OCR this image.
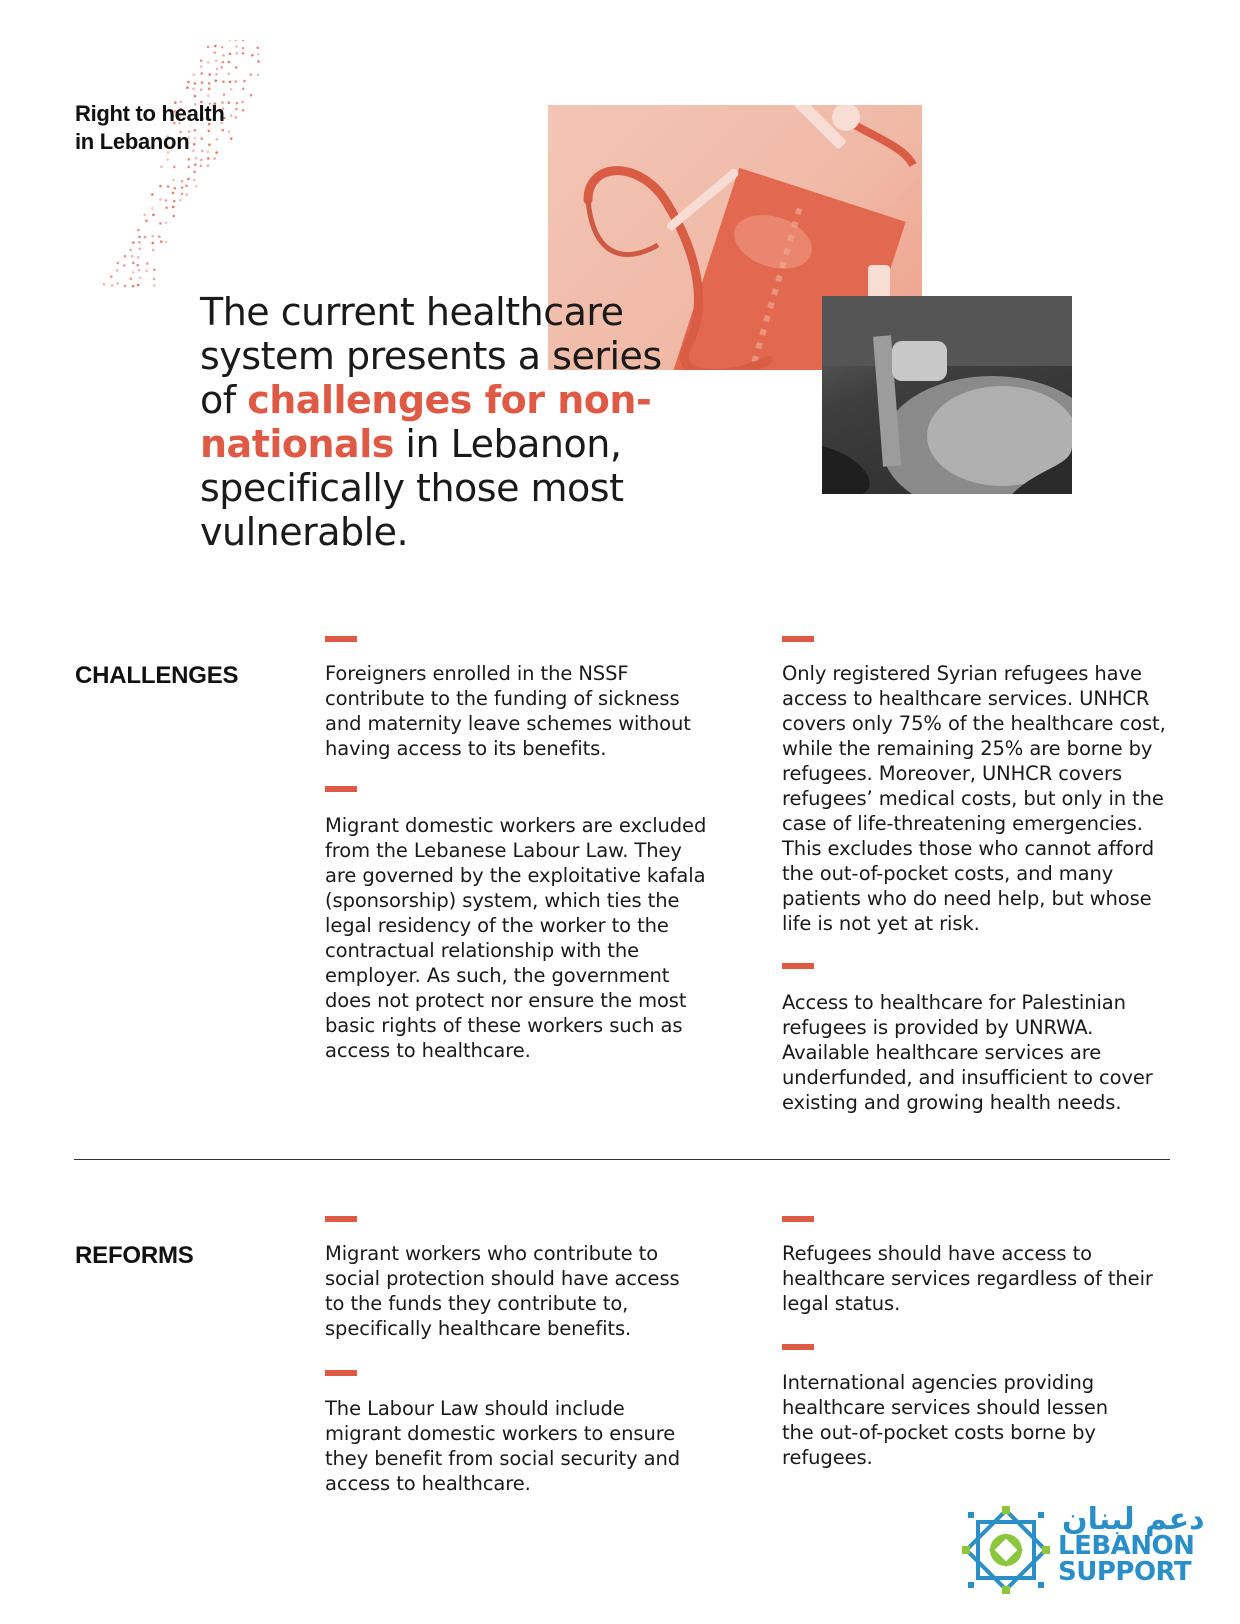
Right to health
in Lebanon
The current healthcare system presents a series of challenges for non-nationals in Lebanon, specifically those most vulnerable.
CHALLENGES	Foreigners enrolled in the NSSF contribute to the funding of sickness and maternity leave schemes without having access to its benefits.
Migrant domestic workers are excluded from the Lebanese Labour Law. They are governed by the exploitative kafala (sponsorship) system, which ties the legal residency of the worker to the contractual relationship with the employer. As such, the government does not protect nor ensure the most basic rights of these workers such as access to healthcare.
Only registered Syrian refugees have access to healthcare services. UNHCR covers only 75% of the healthcare cost, while the remaining 25% are borne by refugees. Moreover, UNHCR covers refugees’ medical costs, but only in the case of life-threatening emergencies. This excludes those who cannot afford the out-of-pocket costs, and many patients who do need help, but whose life is not yet at risk.
Access to healthcare for Palestinian refugees is provided by UNRWA. Available healthcare services are underfunded, and insufficient to cover existing and growing health needs.
REFORMS	Migrant workers who contribute to social protection should have access to the funds they contribute to, specifically healthcare benefits.
The Labour Law should include migrant domestic workers to ensure they benefit from social security and access to healthcare.
Refugees should have access to healthcare services regardless of their legal status.
International agencies providing healthcare services should lessen the out-of-pocket costs borne by refugees.
دعم لبنان
LEBANON
SUPPORT
